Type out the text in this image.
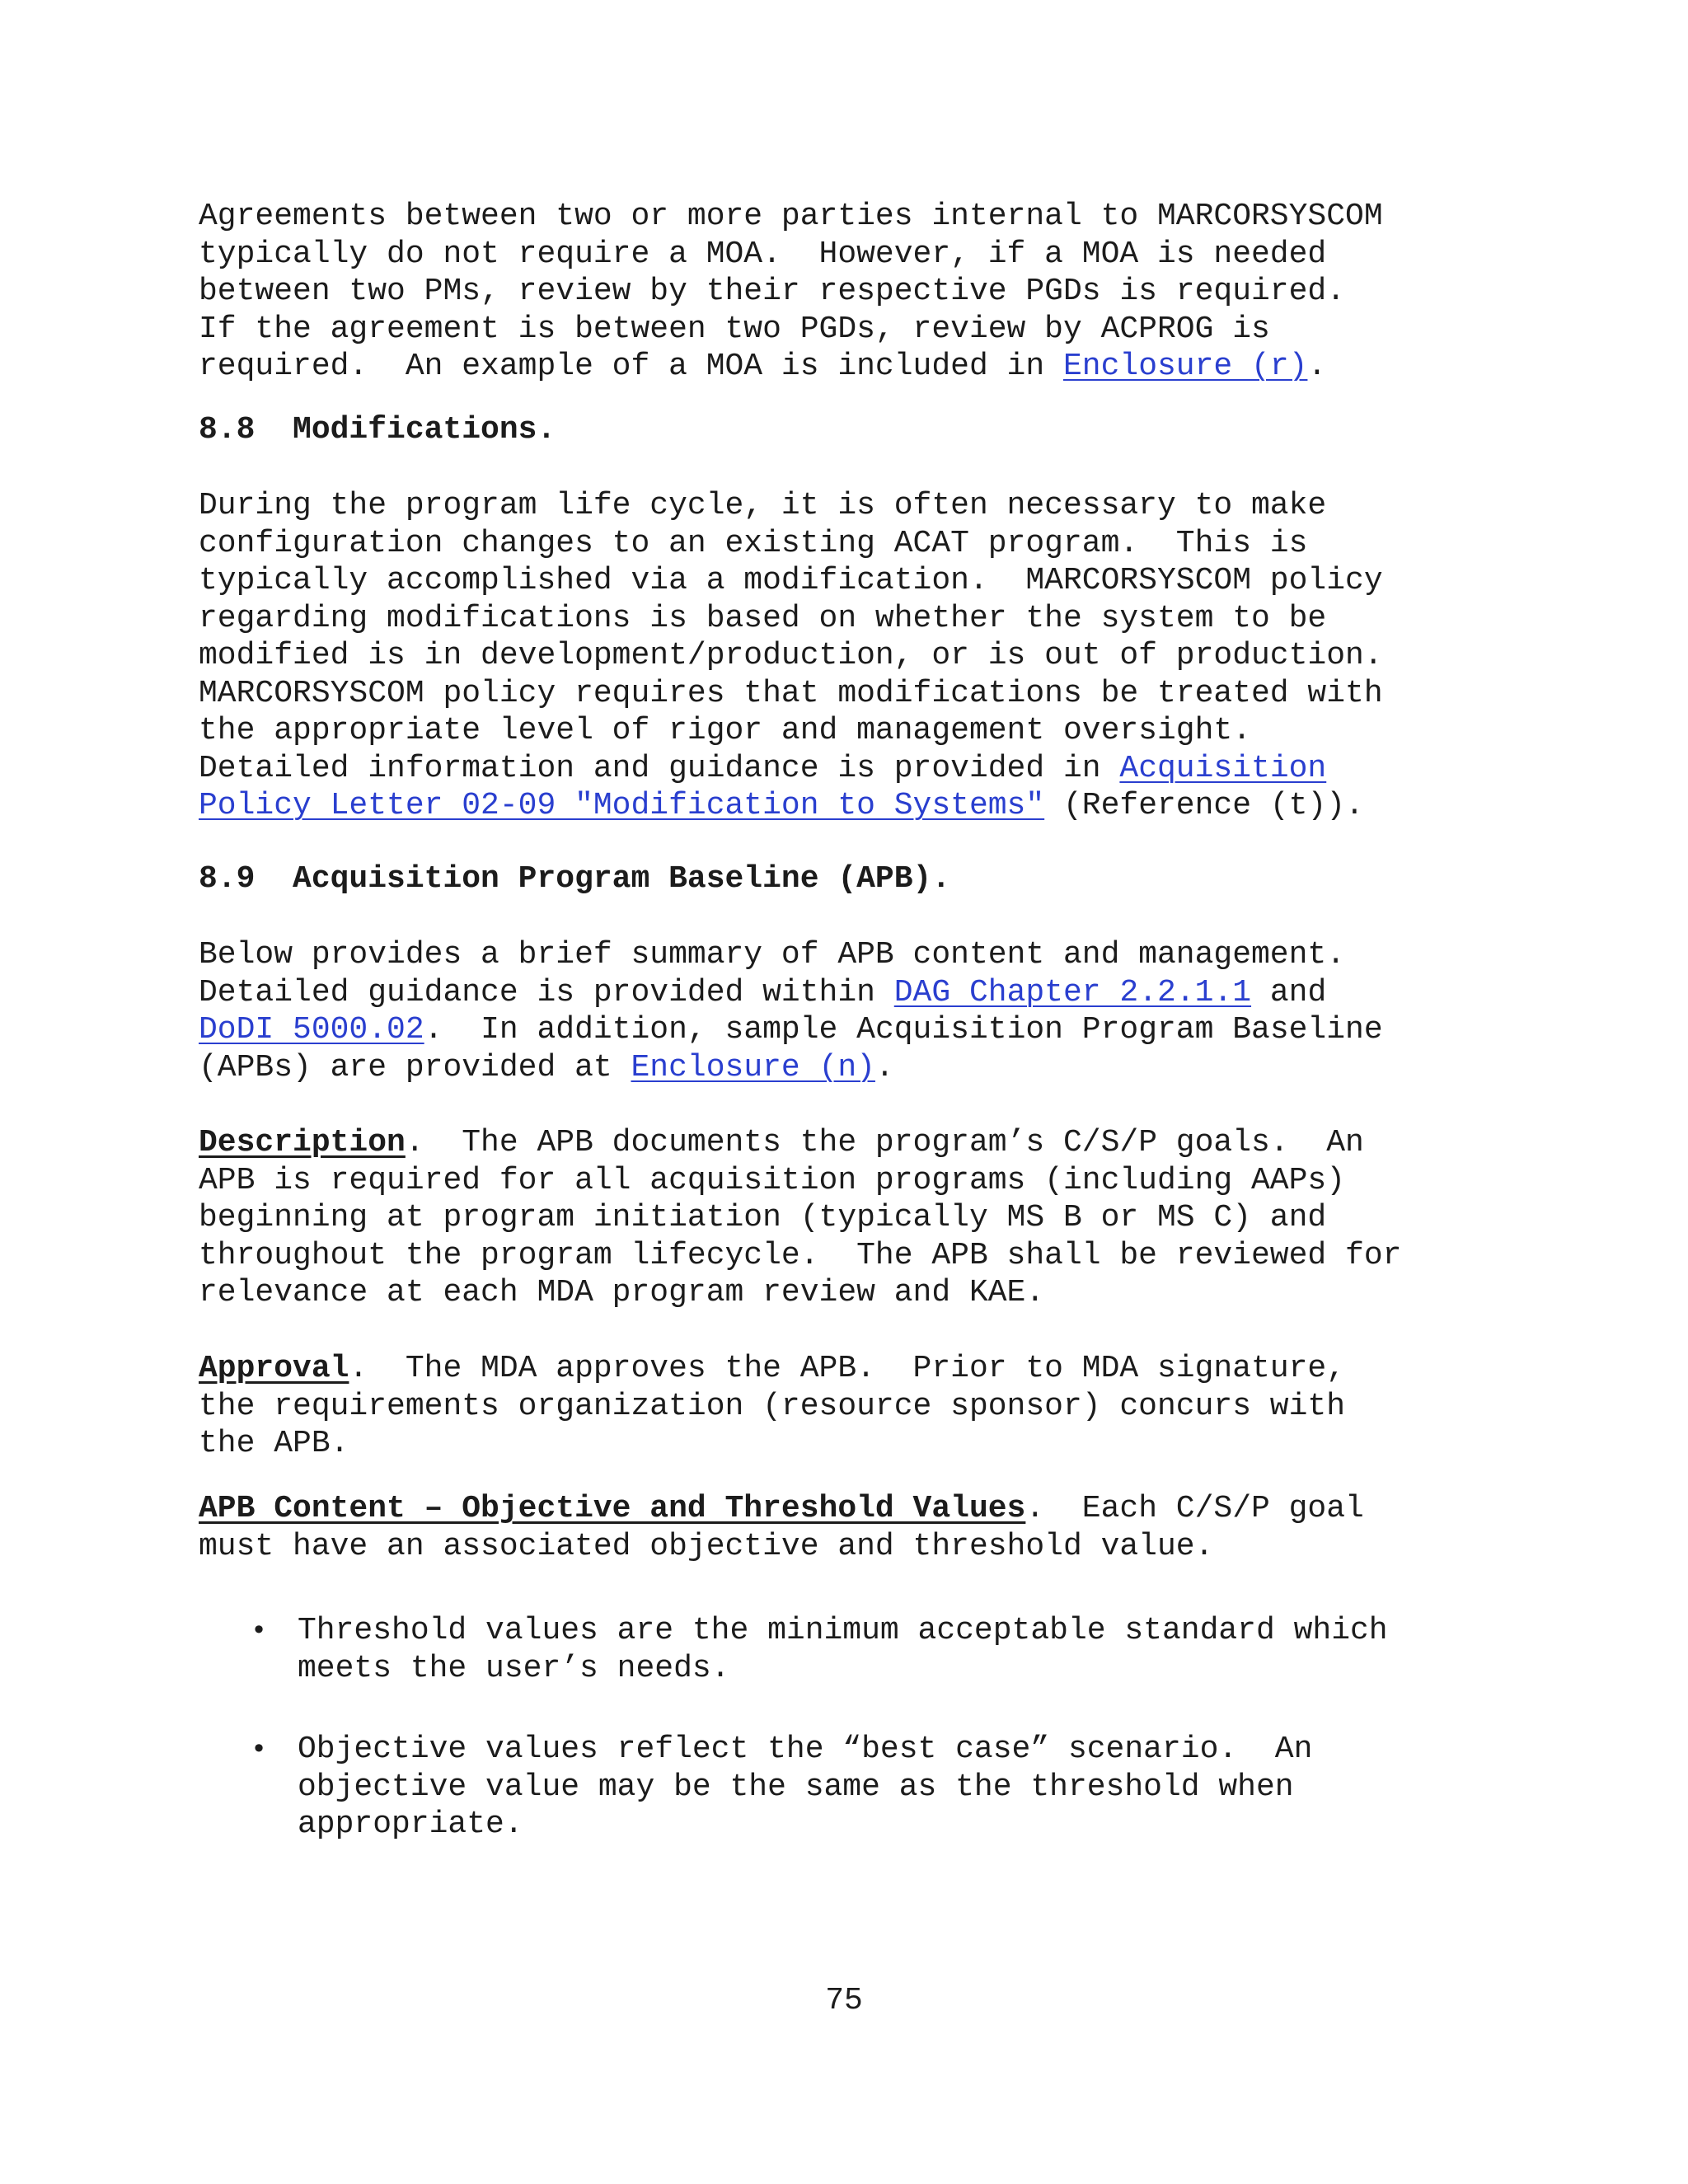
Agreements between two or more parties internal to MARCORSYSCOM
typically do not require a MOA.  However, if a MOA is needed
between two PMs, review by their respective PGDs is required.
If the agreement is between two PGDs, review by ACPROG is
required.  An example of a MOA is included in Enclosure (r).
8.8  Modifications.
During the program life cycle, it is often necessary to make
configuration changes to an existing ACAT program.  This is
typically accomplished via a modification.  MARCORSYSCOM policy
regarding modifications is based on whether the system to be
modified is in development/production, or is out of production.
MARCORSYSCOM policy requires that modifications be treated with
the appropriate level of rigor and management oversight.
Detailed information and guidance is provided in Acquisition
Policy Letter 02-09 "Modification to Systems" (Reference (t)).
8.9  Acquisition Program Baseline (APB).
Below provides a brief summary of APB content and management.
Detailed guidance is provided within DAG Chapter 2.2.1.1 and
DoDI 5000.02.  In addition, sample Acquisition Program Baseline
(APBs) are provided at Enclosure (n).
Description.  The APB documents the program’s C/S/P goals.  An
APB is required for all acquisition programs (including AAPs)
beginning at program initiation (typically MS B or MS C) and
throughout the program lifecycle.  The APB shall be reviewed for
relevance at each MDA program review and KAE.
Approval.  The MDA approves the APB.  Prior to MDA signature,
the requirements organization (resource sponsor) concurs with
the APB.
APB Content – Objective and Threshold Values.  Each C/S/P goal
must have an associated objective and threshold value.
• Threshold values are the minimum acceptable standard which
meets the user’s needs.
• Objective values reflect the “best case” scenario.  An
objective value may be the same as the threshold when
appropriate.
75
